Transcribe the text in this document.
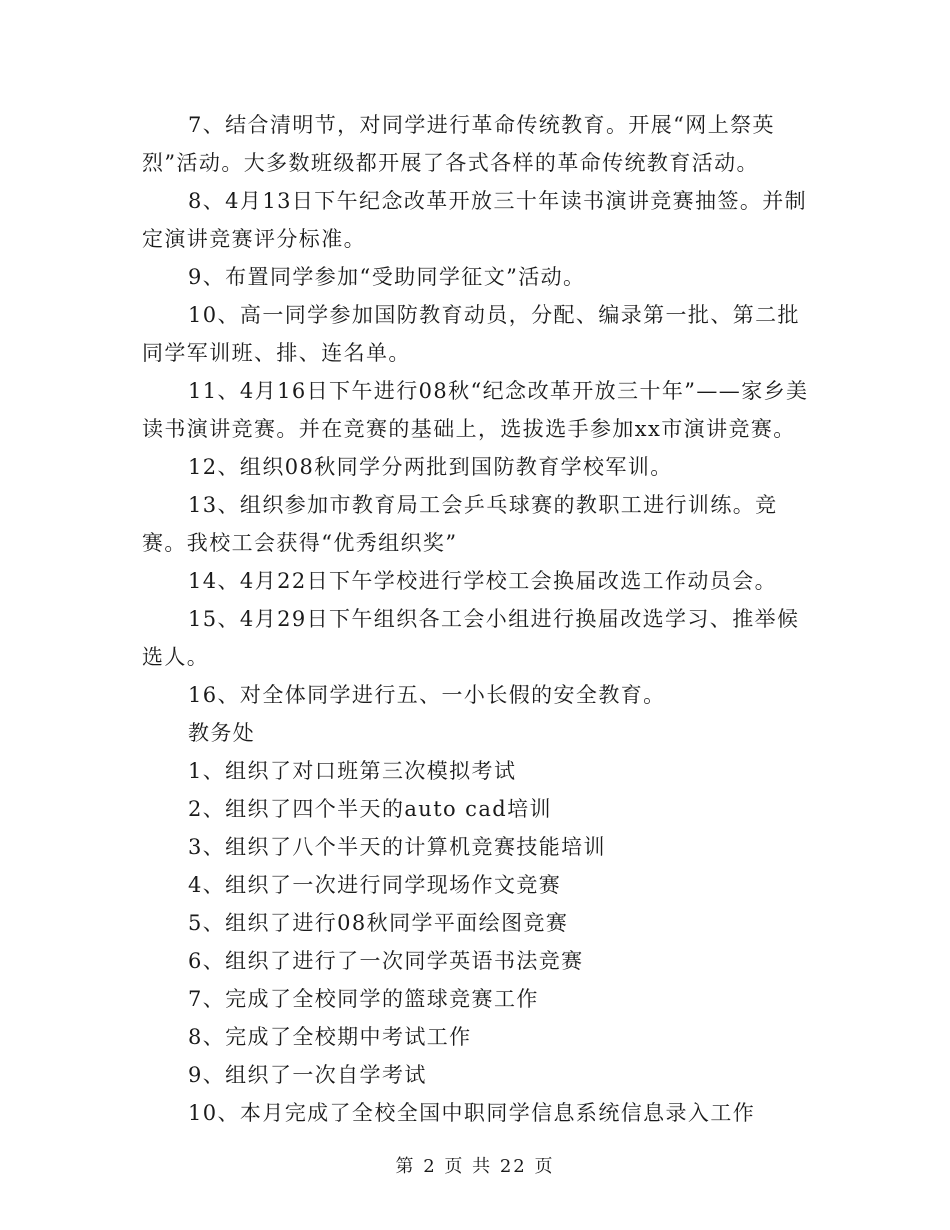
7、结合清明节，对同学进行革命传统教育。开展“网上祭英烈”活动。大多数班级都开展了各式各样的革命传统教育活动。

8、4月13日下午纪念改革开放三十年读书演讲竞赛抽签。并制定演讲竞赛评分标准。

9、布置同学参加“受助同学征文”活动。

10、高一同学参加国防教育动员，分配、编录第一批、第二批同学军训班、排、连名单。

11、4月16日下午进行08秋“纪念改革开放三十年”——家乡美读书演讲竞赛。并在竞赛的基础上，选拔选手参加xx市演讲竞赛。

12、组织08秋同学分两批到国防教育学校军训。

13、组织参加市教育局工会乒乓球赛的教职工进行训练。竞赛。我校工会获得“优秀组织奖”

14、4月22日下午学校进行学校工会换届改选工作动员会。

15、4月29日下午组织各工会小组进行换届改选学习、推举候选人。

16、对全体同学进行五、一小长假的安全教育。

教务处

1、组织了对口班第三次模拟考试

2、组织了四个半天的auto cad培训

3、组织了八个半天的计算机竞赛技能培训

4、组织了一次进行同学现场作文竞赛

5、组织了进行08秋同学平面绘图竞赛

6、组织了进行了一次同学英语书法竞赛

7、完成了全校同学的篮球竞赛工作

8、完成了全校期中考试工作

9、组织了一次自学考试

10、本月完成了全校全国中职同学信息系统信息录入工作

第 2 页 共 22 页
